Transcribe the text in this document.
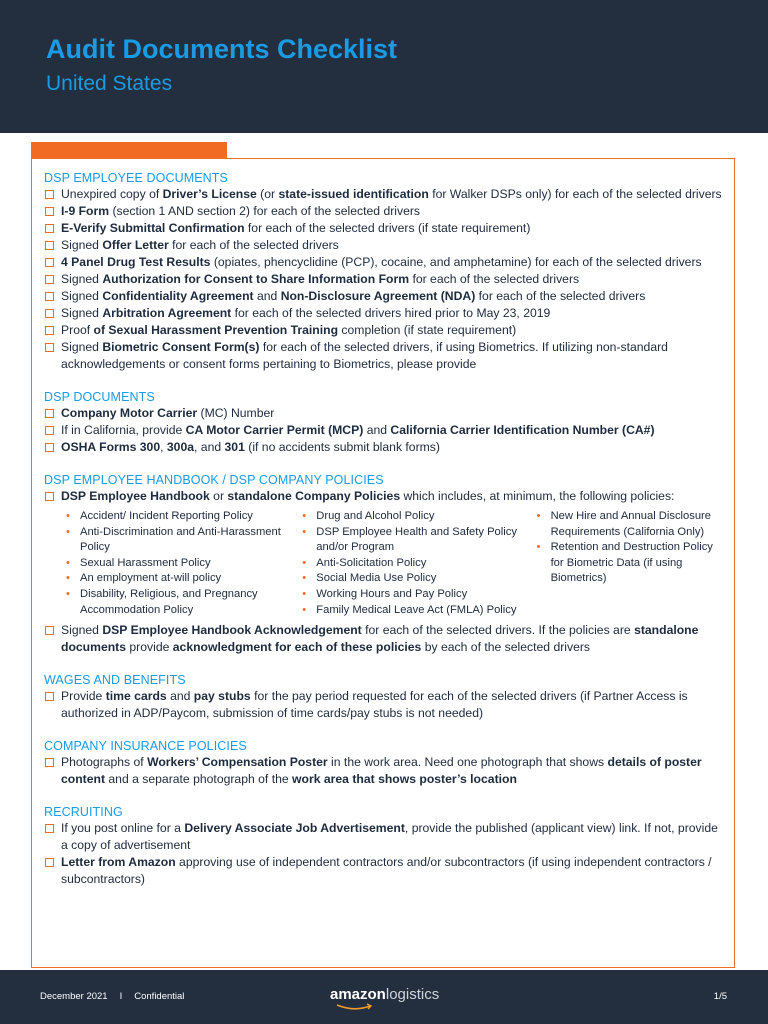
Audit Documents Checklist
United States
DSP EMPLOYEE DOCUMENTS
Unexpired copy of Driver’s License (or state-issued identification for Walker DSPs only) for each of the selected drivers
I-9 Form (section 1 AND section 2) for each of the selected drivers
E-Verify Submittal Confirmation for each of the selected drivers (if state requirement)
Signed Offer Letter for each of the selected drivers
4 Panel Drug Test Results (opiates, phencyclidine (PCP), cocaine, and amphetamine) for each of the selected drivers
Signed Authorization for Consent to Share Information Form for each of the selected drivers
Signed Confidentiality Agreement and Non-Disclosure Agreement (NDA) for each of the selected drivers
Signed Arbitration Agreement for each of the selected drivers hired prior to May 23, 2019
Proof of Sexual Harassment Prevention Training completion (if state requirement)
Signed Biometric Consent Form(s) for each of the selected drivers, if using Biometrics. If utilizing non-standard acknowledgements or consent forms pertaining to Biometrics, please provide
DSP DOCUMENTS
Company Motor Carrier (MC) Number
If in California, provide CA Motor Carrier Permit (MCP) and California Carrier Identification Number (CA#)
OSHA Forms 300, 300a, and 301 (if no accidents submit blank forms)
DSP EMPLOYEE HANDBOOK / DSP COMPANY POLICIES
DSP Employee Handbook or standalone Company Policies which includes, at minimum, the following policies:
• Accident/ Incident Reporting Policy
• Anti-Discrimination and Anti-Harassment Policy
• Sexual Harassment Policy
• An employment at-will policy
• Disability, Religious, and Pregnancy Accommodation Policy
• Drug and Alcohol Policy
• DSP Employee Health and Safety Policy and/or Program
• Anti-Solicitation Policy
• Social Media Use Policy
• Working Hours and Pay Policy
• Family Medical Leave Act (FMLA) Policy
• New Hire and Annual Disclosure Requirements (California Only)
• Retention and Destruction Policy for Biometric Data (if using Biometrics)
Signed DSP Employee Handbook Acknowledgement for each of the selected drivers. If the policies are standalone documents provide acknowledgment for each of these policies by each of the selected drivers
WAGES AND BENEFITS
Provide time cards and pay stubs for the pay period requested for each of the selected drivers (if Partner Access is authorized in ADP/Paycom, submission of time cards/pay stubs is not needed)
COMPANY INSURANCE POLICIES
Photographs of Workers’ Compensation Poster in the work area. Need one photograph that shows details of poster content and a separate photograph of the work area that shows poster’s location
RECRUITING
If you post online for a Delivery Associate Job Advertisement, provide the published (applicant view) link. If not, provide a copy of advertisement
Letter from Amazon approving use of independent contractors and/or subcontractors (if using independent contractors / subcontractors)
December 2021 I Confidential	amazonlogistics	1/5
